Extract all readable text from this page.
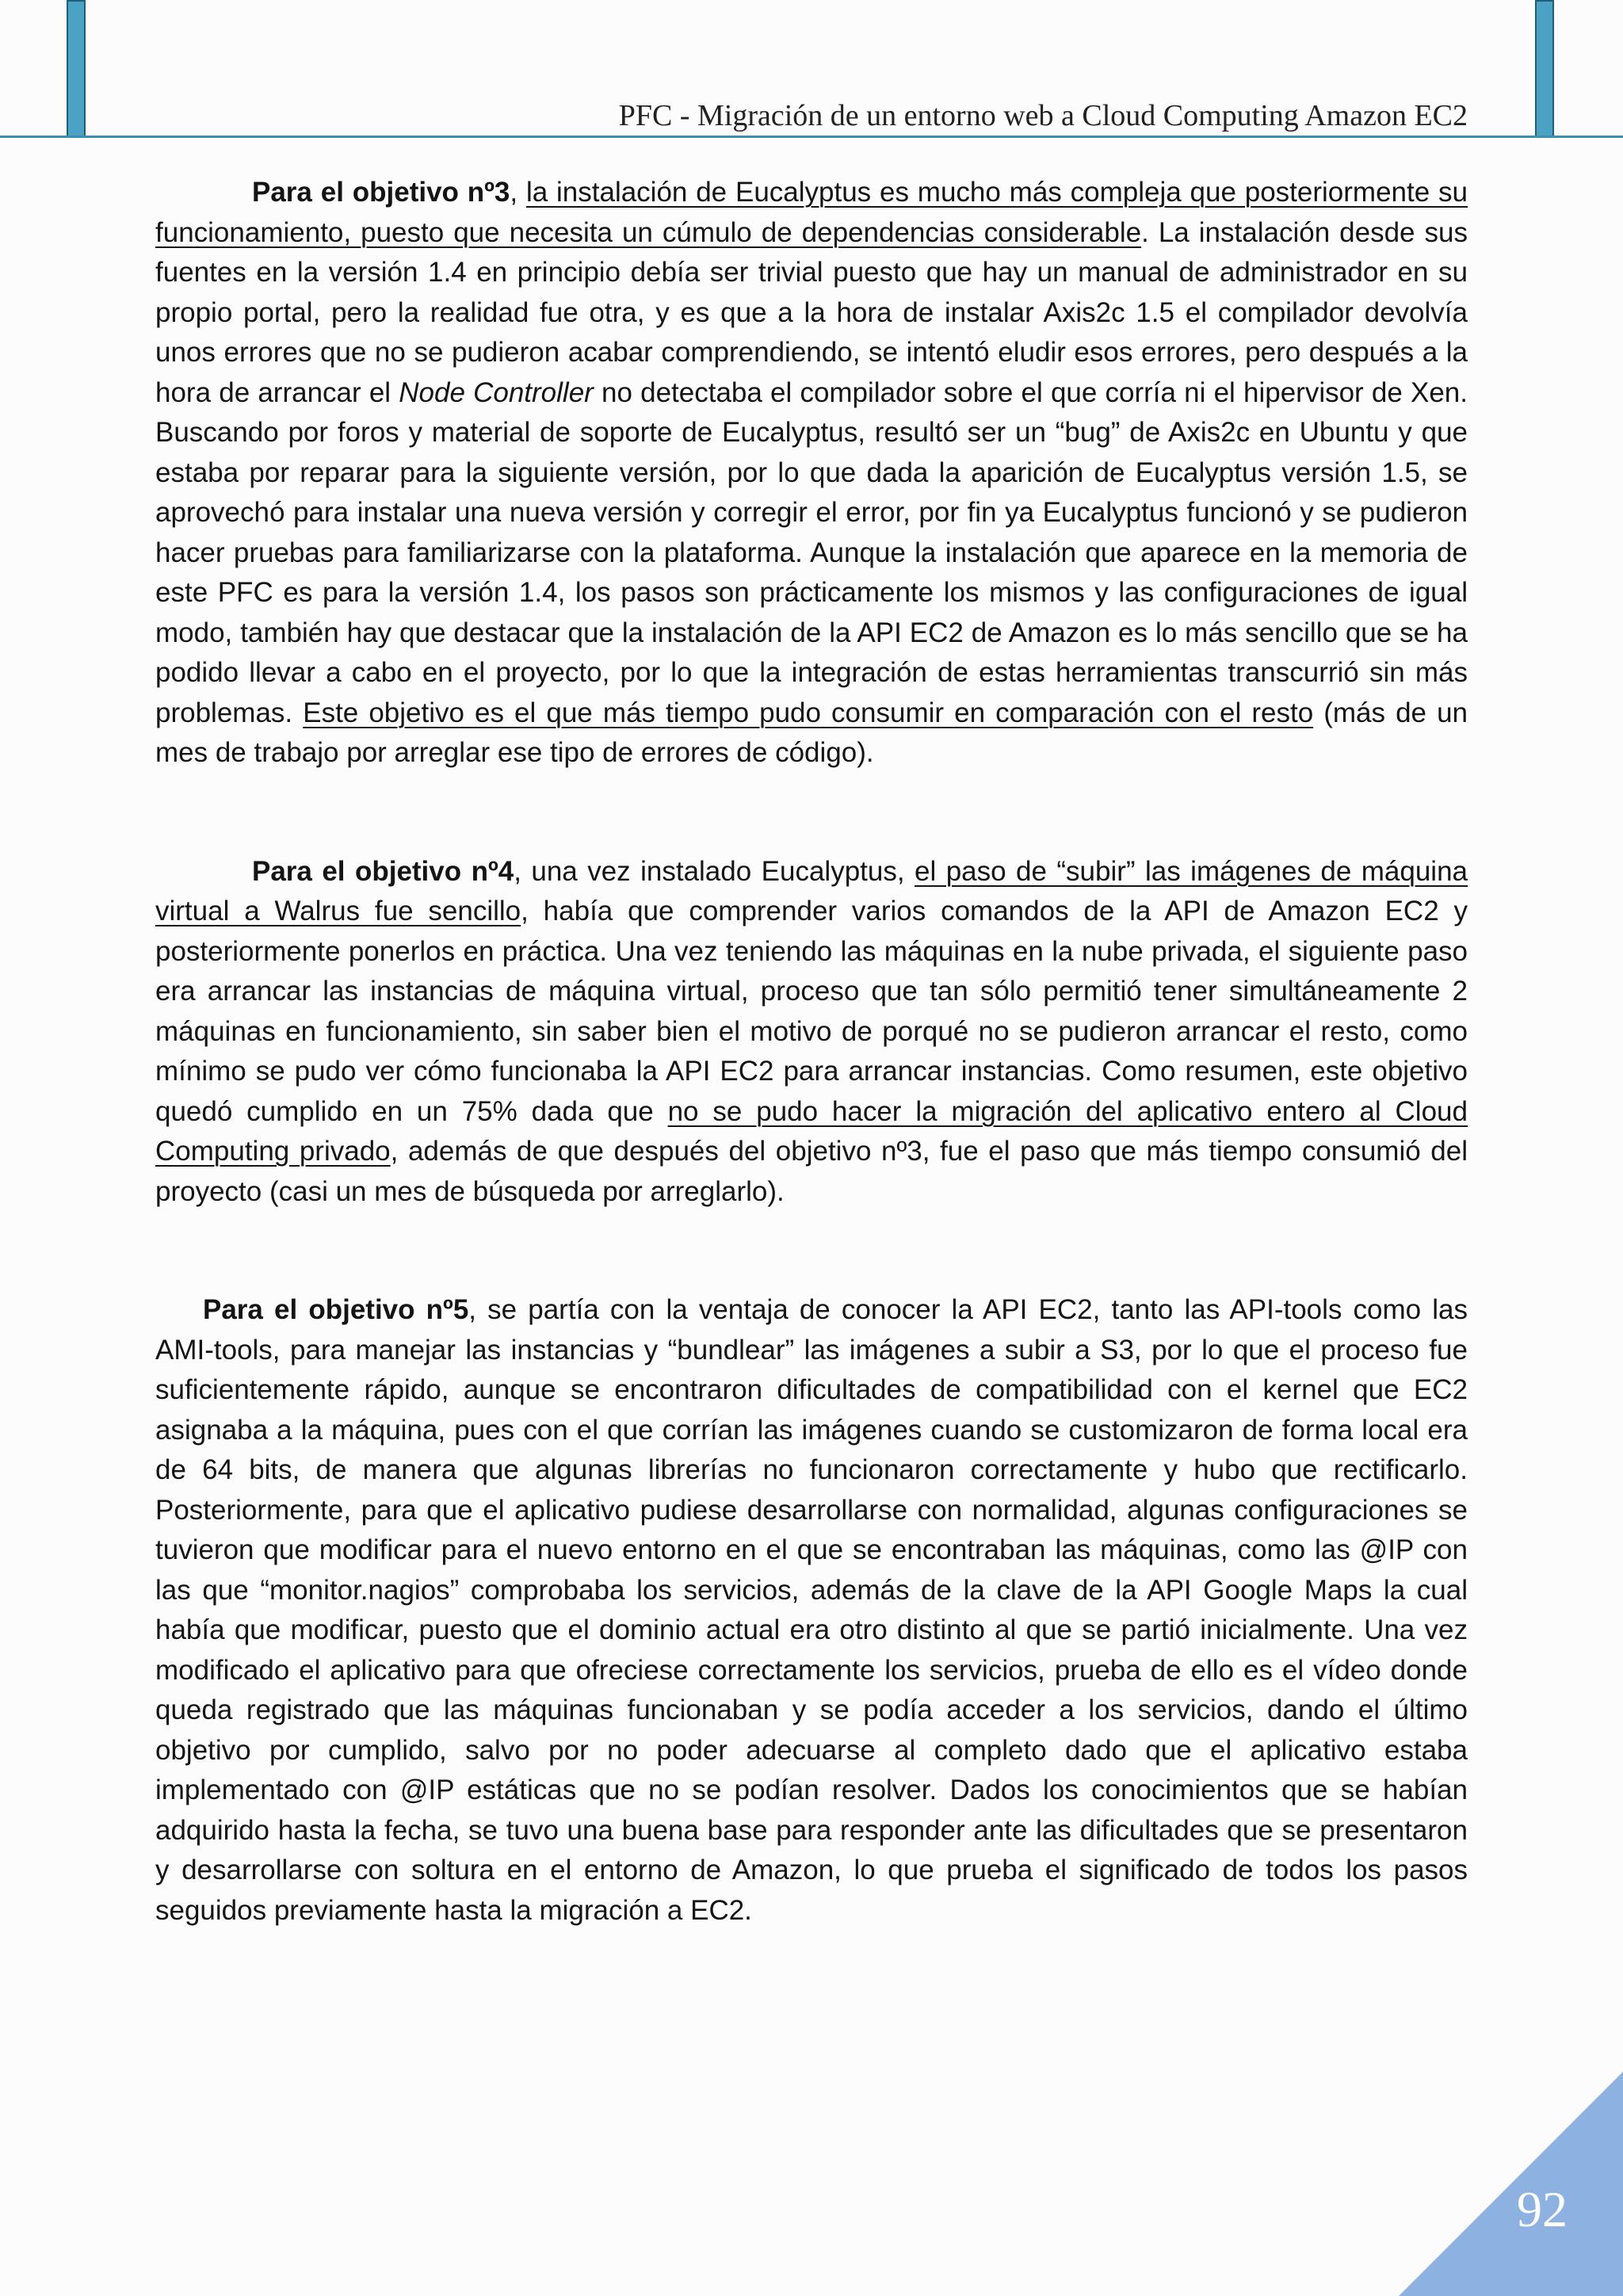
PFC - Migración de un entorno web a Cloud Computing Amazon EC2

Para el objetivo nº3, la instalación de Eucalyptus es mucho más compleja que posteriormente su funcionamiento, puesto que necesita un cúmulo de dependencias considerable. La instalación desde sus fuentes en la versión 1.4 en principio debía ser trivial puesto que hay un manual de administrador en su propio portal, pero la realidad fue otra, y es que a la hora de instalar Axis2c 1.5 el compilador devolvía unos errores que no se pudieron acabar comprendiendo, se intentó eludir esos errores, pero después a la hora de arrancar el Node Controller no detectaba el compilador sobre el que corría ni el hipervisor de Xen. Buscando por foros y material de soporte de Eucalyptus, resultó ser un “bug” de Axis2c en Ubuntu y que estaba por reparar para la siguiente versión, por lo que dada la aparición de Eucalyptus versión 1.5, se aprovechó para instalar una nueva versión y corregir el error, por fin ya Eucalyptus funcionó y se pudieron hacer pruebas para familiarizarse con la plataforma. Aunque la instalación que aparece en la memoria de este PFC es para la versión 1.4, los pasos son prácticamente los mismos y las configuraciones de igual modo, también hay que destacar que la instalación de la API EC2 de Amazon es lo más sencillo que se ha podido llevar a cabo en el proyecto, por lo que la integración de estas herramientas transcurrió sin más problemas. Este objetivo es el que más tiempo pudo consumir en comparación con el resto (más de un mes de trabajo por arreglar ese tipo de errores de código).

Para el objetivo nº4, una vez instalado Eucalyptus, el paso de “subir” las imágenes de máquina virtual a Walrus fue sencillo, había que comprender varios comandos de la API de Amazon EC2 y posteriormente ponerlos en práctica. Una vez teniendo las máquinas en la nube privada, el siguiente paso era arrancar las instancias de máquina virtual, proceso que tan sólo permitió tener simultáneamente 2 máquinas en funcionamiento, sin saber bien el motivo de porqué no se pudieron arrancar el resto, como mínimo se pudo ver cómo funcionaba la API EC2 para arrancar instancias. Como resumen, este objetivo quedó cumplido en un 75% dada que no se pudo hacer la migración del aplicativo entero al Cloud Computing privado, además de que después del objetivo nº3, fue el paso que más tiempo consumió del proyecto (casi un mes de búsqueda por arreglarlo).

Para el objetivo nº5, se partía con la ventaja de conocer la API EC2, tanto las API-tools como las AMI-tools, para manejar las instancias y “bundlear” las imágenes a subir a S3, por lo que el proceso fue suficientemente rápido, aunque se encontraron dificultades de compatibilidad con el kernel que EC2 asignaba a la máquina, pues con el que corrían las imágenes cuando se customizaron de forma local era de 64 bits, de manera que algunas librerías no funcionaron correctamente y hubo que rectificarlo. Posteriormente, para que el aplicativo pudiese desarrollarse con normalidad, algunas configuraciones se tuvieron que modificar para el nuevo entorno en el que se encontraban las máquinas, como las @IP con las que “monitor.nagios” comprobaba los servicios, además de la clave de la API Google Maps la cual había que modificar, puesto que el dominio actual era otro distinto al que se partió inicialmente. Una vez modificado el aplicativo para que ofreciese correctamente los servicios, prueba de ello es el vídeo donde queda registrado que las máquinas funcionaban y se podía acceder a los servicios, dando el último objetivo por cumplido, salvo por no poder adecuarse al completo dado que el aplicativo estaba implementado con @IP estáticas que no se podían resolver. Dados los conocimientos que se habían adquirido hasta la fecha, se tuvo una buena base para responder ante las dificultades que se presentaron y desarrollarse con soltura en el entorno de Amazon, lo que prueba el significado de todos los pasos seguidos previamente hasta la migración a EC2.

92
